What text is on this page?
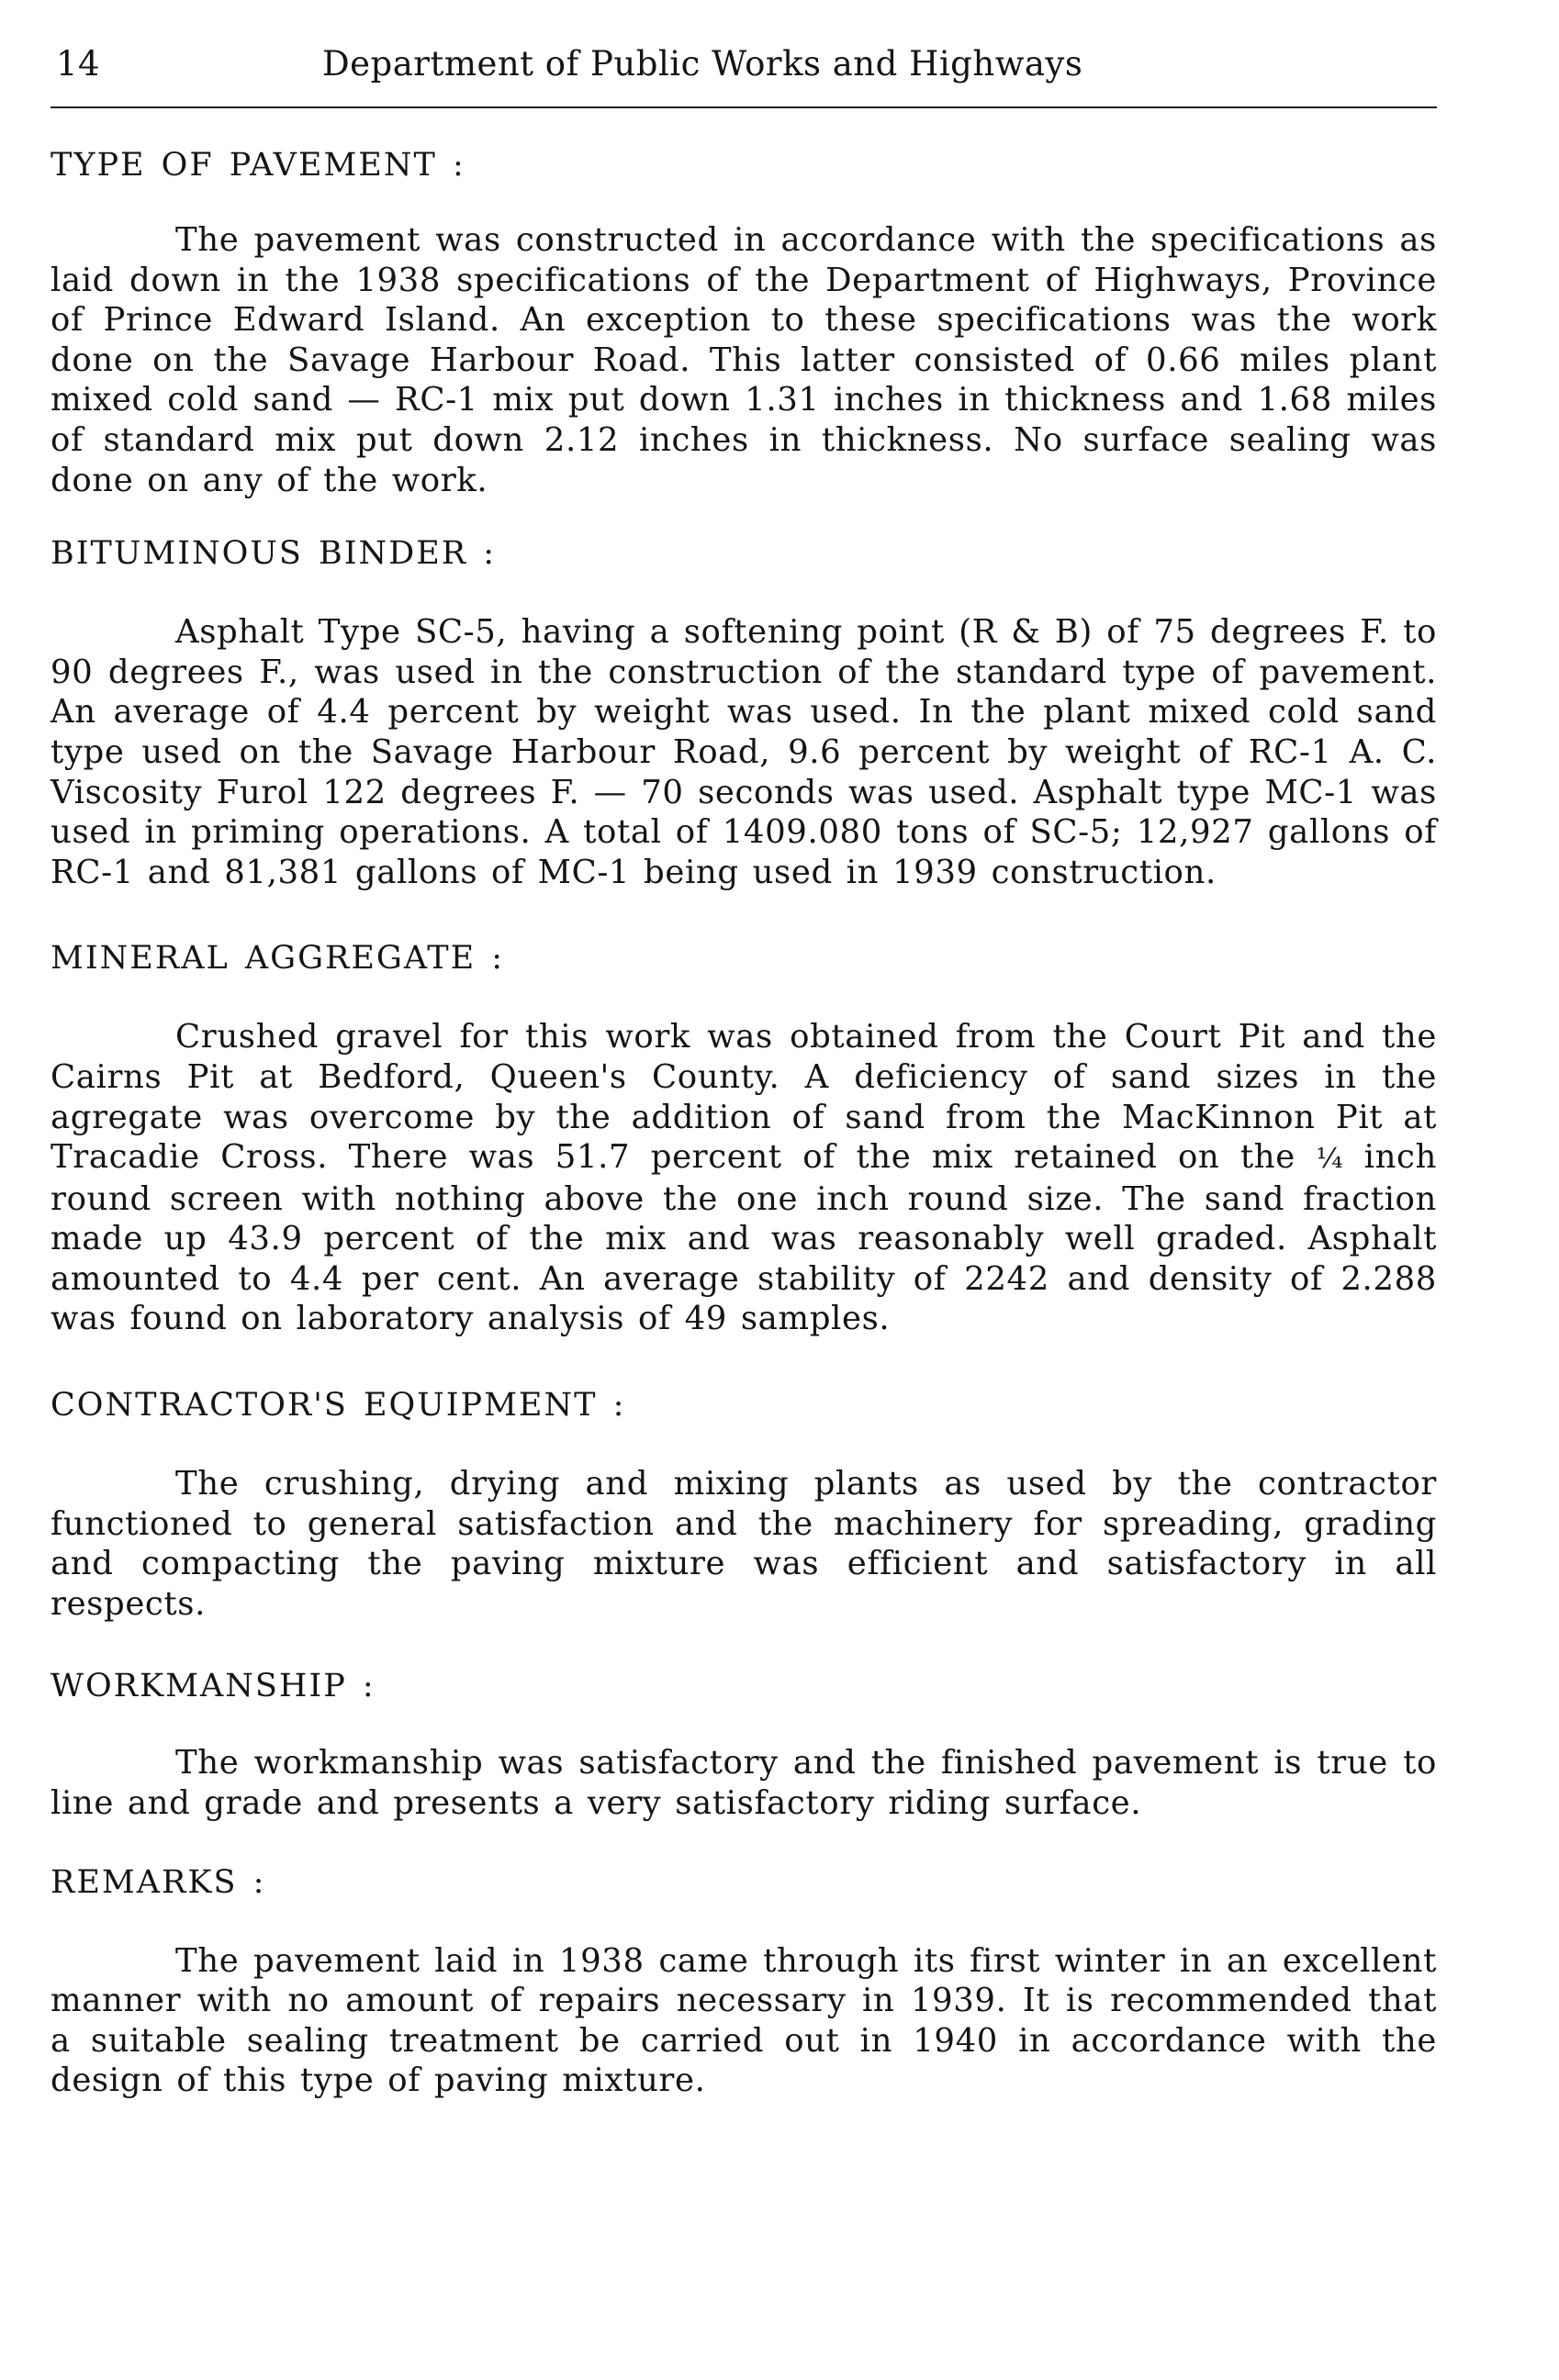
14	Department of Public Works and Highways
TYPE OF PAVEMENT :

The pavement was constructed in accordance with the specifications as laid down in the 1938 specifications of the Department of Highways, Province of Prince Edward Island. An exception to these specifications was the work done on the Savage Harbour Road. This latter consisted of 0.66 miles plant mixed cold sand — RC-1 mix put down 1.31 inches in thickness and 1.68 miles of standard mix put down 2.12 inches in thickness. No surface sealing was done on any of the work.

BITUMINOUS BINDER :

Asphalt Type SC-5, having a softening point (R & B) of 75 degrees F. to 90 degrees F., was used in the construction of the standard type of pavement. An average of 4.4 percent by weight was used. In the plant mixed cold sand type used on the Savage Harbour Road, 9.6 percent by weight of RC-1 A. C. Viscosity Furol 122 degrees F. — 70 seconds was used. Asphalt type MC-1 was used in priming operations. A total of 1409.080 tons of SC-5; 12,927 gallons of RC-1 and 81,381 gallons of MC-1 being used in 1939 construction.

MINERAL AGGREGATE :

Crushed gravel for this work was obtained from the Court Pit and the Cairns Pit at Bedford, Queen's County. A deficiency of sand sizes in the agregate was overcome by the addition of sand from the MacKinnon Pit at Tracadie Cross. There was 51.7 percent of the mix retained on the ¼ inch round screen with nothing above the one inch round size. The sand fraction made up 43.9 percent of the mix and was reasonably well graded. Asphalt amounted to 4.4 per cent. An average stability of 2242 and density of 2.288 was found on laboratory analysis of 49 samples.

CONTRACTOR'S EQUIPMENT :

The crushing, drying and mixing plants as used by the contractor functioned to general satisfaction and the machinery for spreading, grading and compacting the paving mixture was efficient and satisfactory in all respects.

WORKMANSHIP :

The workmanship was satisfactory and the finished pavement is true to line and grade and presents a very satisfactory riding surface.

REMARKS :

The pavement laid in 1938 came through its first winter in an excellent manner with no amount of repairs necessary in 1939. It is recommended that a suitable sealing treatment be carried out in 1940 in accordance with the design of this type of paving mixture.
